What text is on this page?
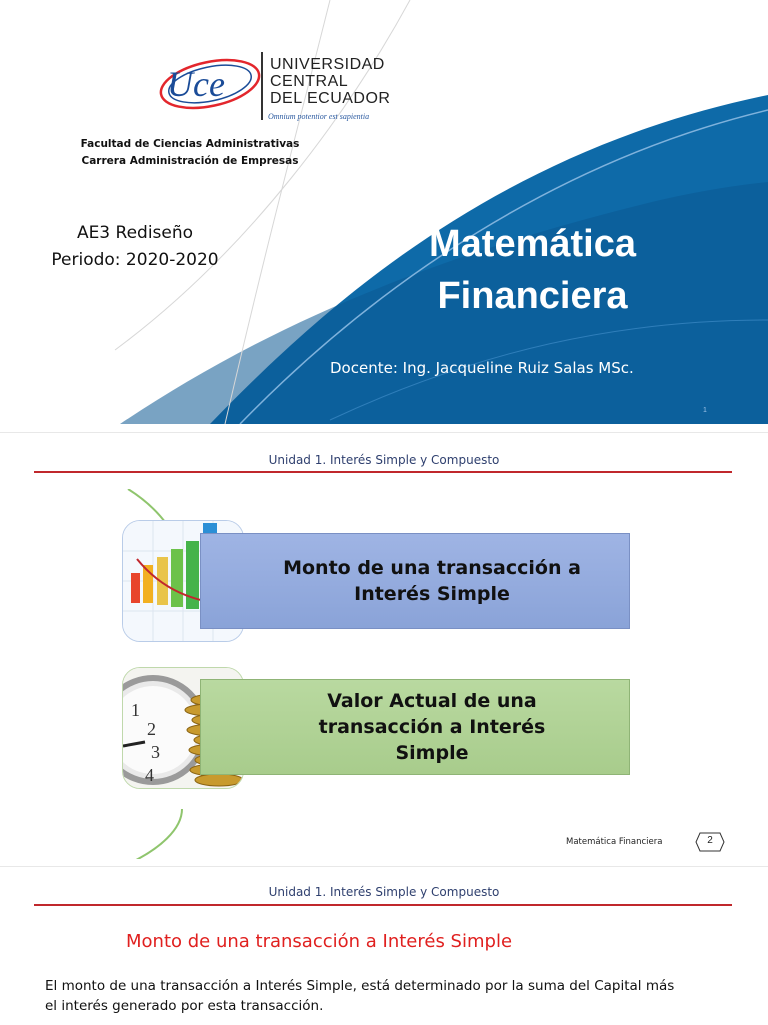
Uce	UNIVERSIDAD
CENTRAL
DEL ECUADOR
Omnium potentior est sapientia
Facultad de Ciencias Administrativas
Carrera Administración de Empresas
AE3 Rediseño
Periodo: 2020-2020	Matemática
Financiera
Docente: Ing. Jacqueline Ruiz Salas MSc.
1
Unidad 1. Interés Simple y Compuesto
Monto de una transacción a
Interés Simple
1
2
3
4
Valor Actual de una
transacción a Interés
Simple
Matemática Financiera	2
Unidad 1. Interés Simple y Compuesto
Monto de una transacción a Interés Simple
El monto de una transacción a Interés Simple, está determinado por la suma del Capital más
el interés generado por esta transacción.
